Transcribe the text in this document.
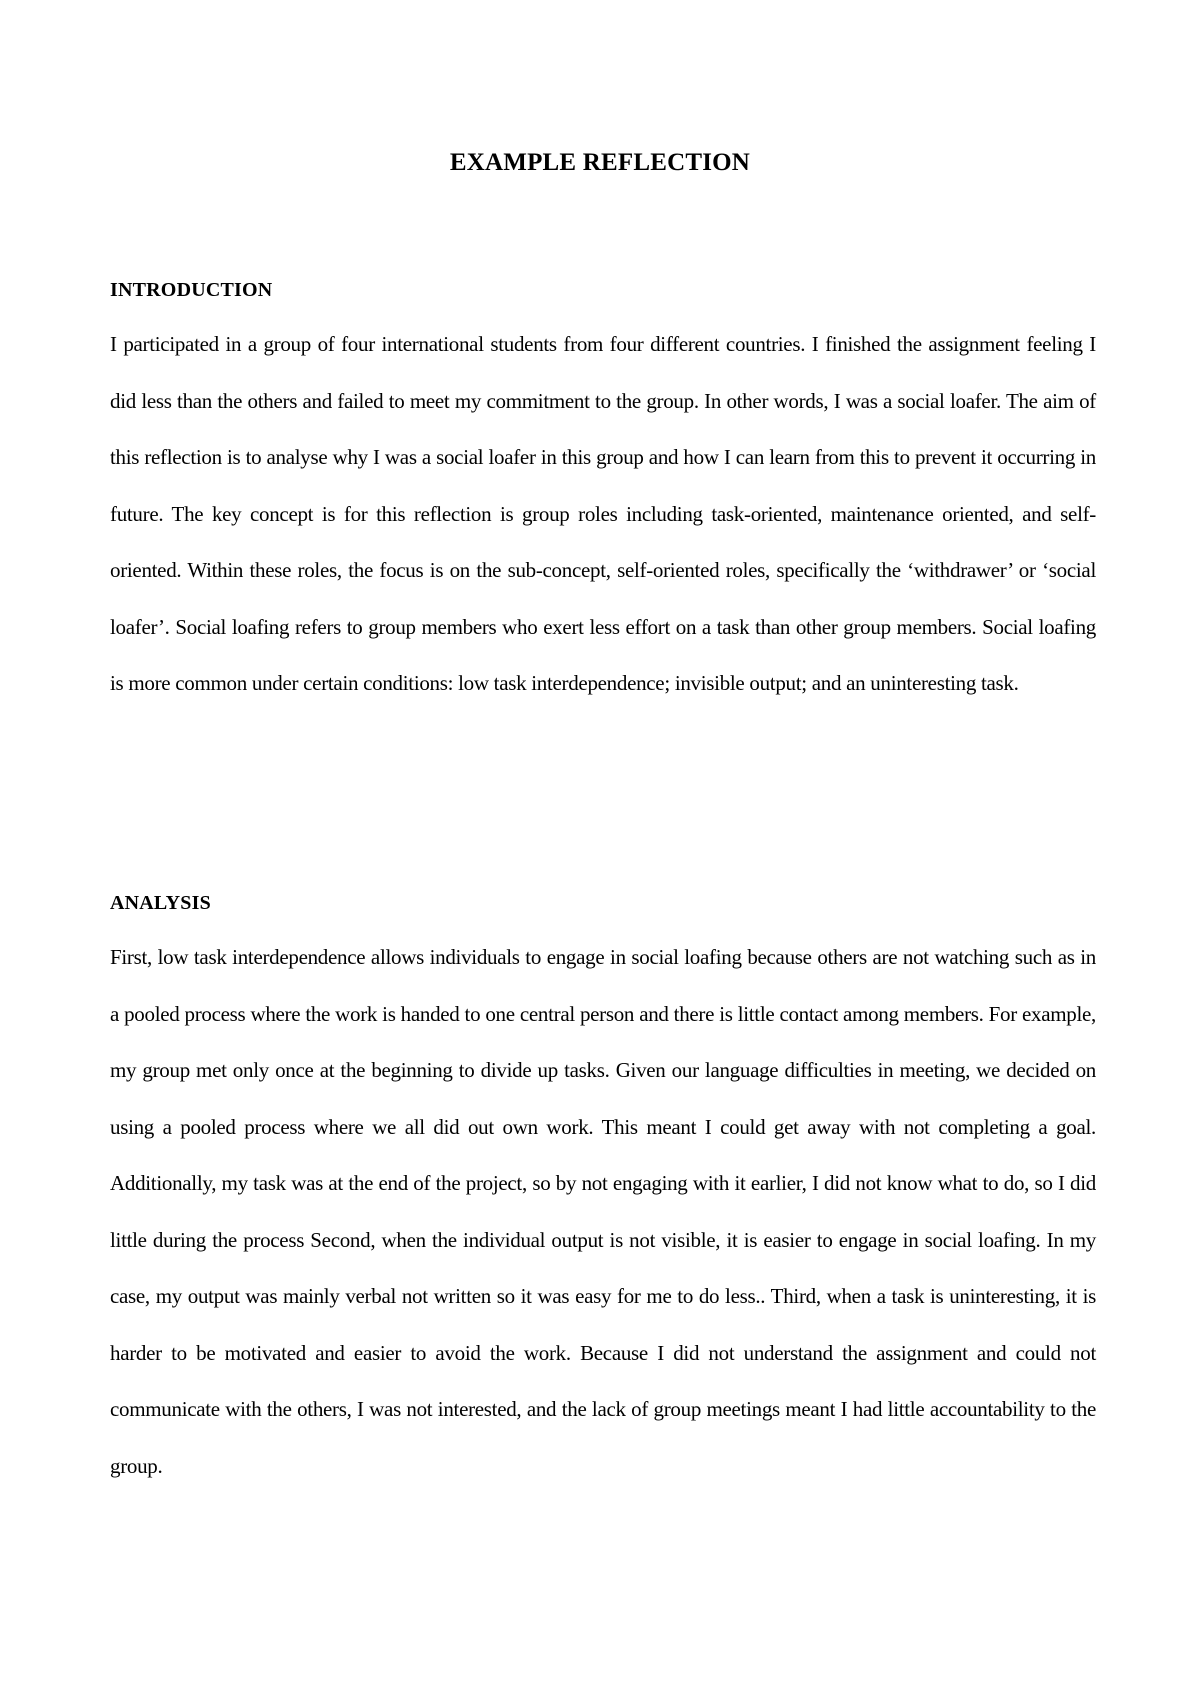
EXAMPLE REFLECTION
INTRODUCTION

I participated in a group of four international students from four different countries. I finished the assignment feeling I did less than the others and failed to meet my commitment to the group. In other words, I was a social loafer. The aim of this reflection is to analyse why I was a social loafer in this group and how I can learn from this to prevent it occurring in future. The key concept is for this reflection is group roles including task-oriented, maintenance oriented, and self-oriented. Within these roles, the focus is on the sub-concept, self-oriented roles, specifically the ‘withdrawer’ or ‘social loafer’. Social loafing refers to group members who exert less effort on a task than other group members. Social loafing is more common under certain conditions: low task interdependence; invisible output; and an uninteresting task.

ANALYSIS

First, low task interdependence allows individuals to engage in social loafing because others are not watching such as in a pooled process where the work is handed to one central person and there is little contact among members. For example, my group met only once at the beginning to divide up tasks. Given our language difficulties in meeting, we decided on using a pooled process where we all did out own work. This meant I could get away with not completing a goal. Additionally, my task was at the end of the project, so by not engaging with it earlier, I did not know what to do, so I did little during the process Second, when the individual output is not visible, it is easier to engage in social loafing. In my case, my output was mainly verbal not written so it was easy for me to do less.. Third, when a task is uninteresting, it is harder to be motivated and easier to avoid the work. Because I did not understand the assignment and could not communicate with the others, I was not interested, and the lack of group meetings meant I had little accountability to the group.
